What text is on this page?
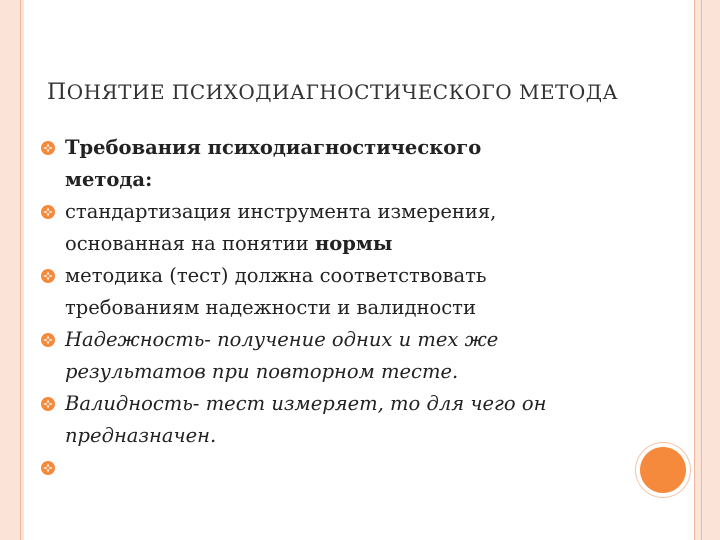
ПОНЯТИЕ ПСИХОДИАГНОСТИЧЕСКОГО МЕТОДА
Требования психодиагностического
метода:
стандартизация инструмента измерения,
основанная на понятии нормы
методика (тест) должна соответствовать
требованиям надежности и валидности
Надежность- получение одних и тех же
результатов при повторном тесте.
Валидность- тест измеряет, то для чего он
предназначен.
